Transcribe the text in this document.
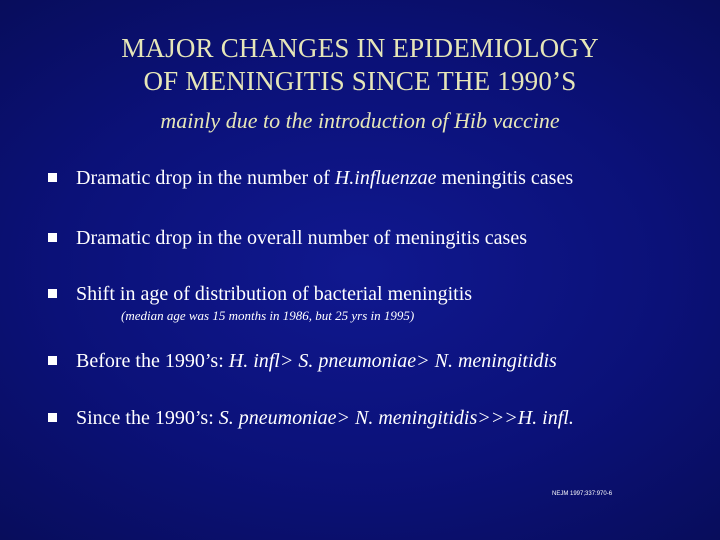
MAJOR CHANGES IN EPIDEMIOLOGY
OF MENINGITIS SINCE THE 1990’S
mainly due to the introduction of Hib vaccine
Dramatic drop in the number of H.influenzae meningitis cases
Dramatic drop in the overall number of meningitis cases
Shift in age of distribution of bacterial meningitis
(median age was 15 months in 1986, but 25 yrs in 1995)
Before the 1990’s: H. infl> S. pneumoniae> N. meningitidis
Since the 1990’s: S. pneumoniae> N. meningitidis>>>H. infl.
NEJM 1997;337:970-6
